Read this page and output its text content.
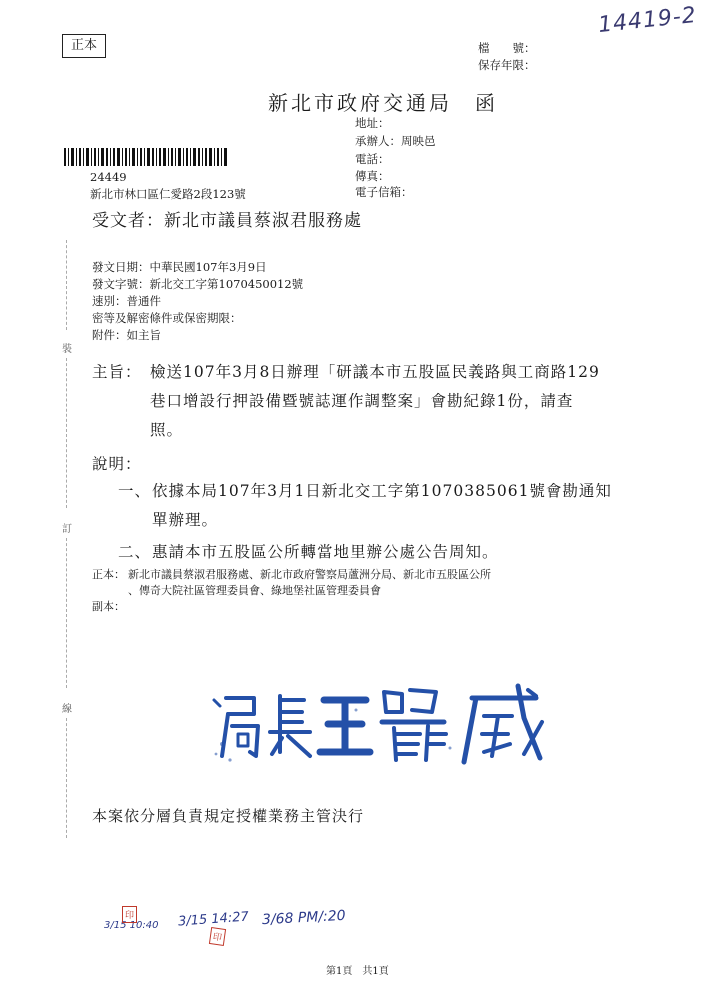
正本
14419-2
檔　　號：
保存年限：
新北市政府交通局　函
地址：
承辦人：周映邑
電話：
傳真：
電子信箱：
24449
新北市林口區仁愛路2段123號
受文者：新北市議員蔡淑君服務處
發文日期：中華民國107年3月9日
發文字號：新北交工字第1070450012號
速別：普通件
密等及解密條件或保密期限：
附件：如主旨
裝
訂
線
主旨： 檢送107年3月8日辦理「研議本市五股區民義路與工商路129
巷口增設行押設備暨號誌運作調整案」會勘紀錄1份，請查
照。
說明：
一、 依據本局107年3月1日新北交工字第1070385061號會勘通知
單辦理。
二、 惠請本市五股區公所轉當地里辦公處公告周知。
正本： 新北市議員蔡淑君服務處、新北市政府警察局蘆洲分局、新北市五股區公所
、傳奇大院社區管理委員會、綠地堡社區管理委員會
副本：
本案依分層負責規定授權業務主管決行
3/15 10:40
印	3/15 14:27
印
3/68 PM/:20
第1頁　共1頁
